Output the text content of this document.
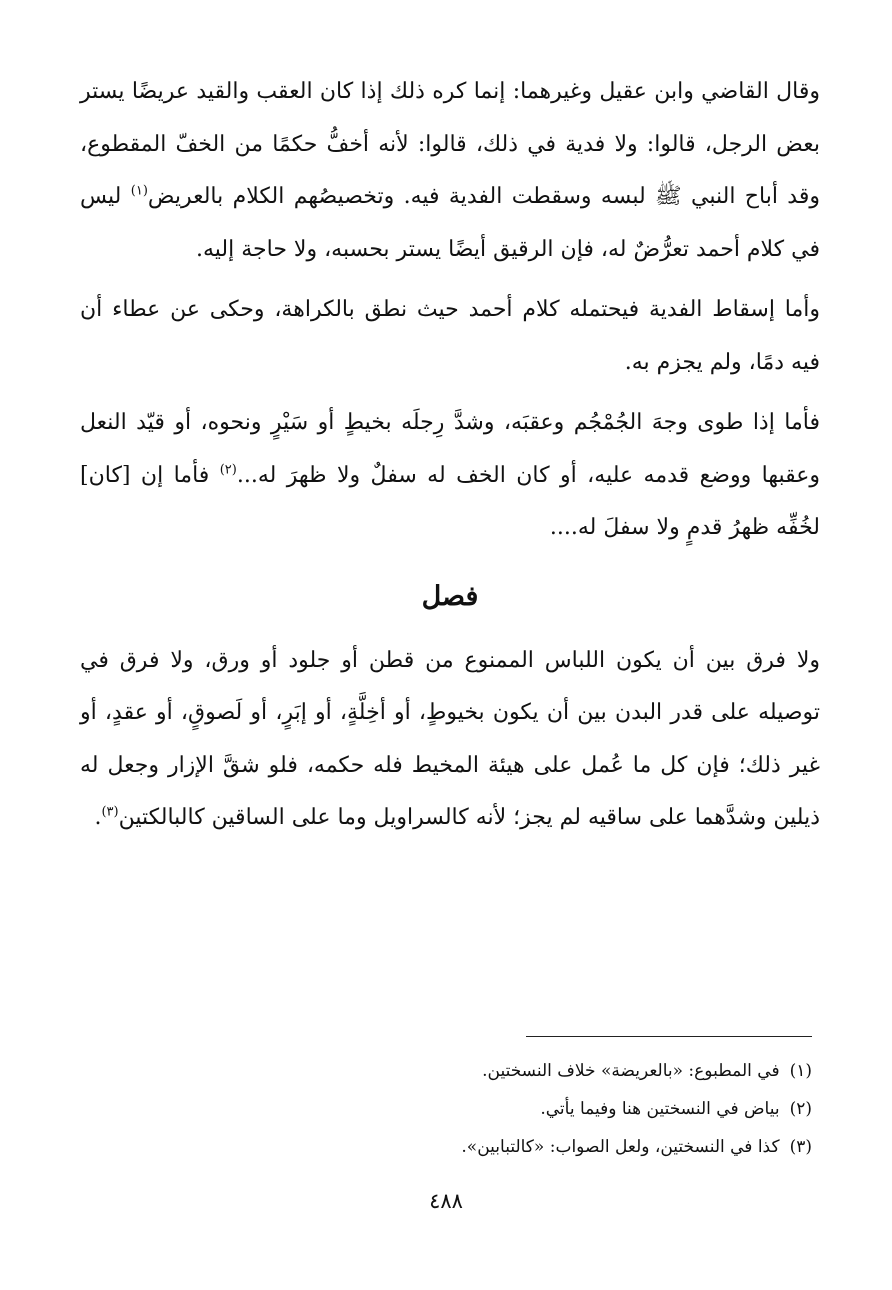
وقال القاضي وابن عقيل وغيرهما: إنما كره ذلك إذا كان العقب والقيد عريضًا يستر بعض الرجل، قالوا: ولا فدية في ذلك، قالوا: لأنه أخفُّ حكمًا من الخفّ المقطوع، وقد أباح النبي ﷺ لبسه وسقطت الفدية فيه. وتخصيصُهم الكلام بالعريض$^{(١)}$ ليس في كلام أحمد تعرُّضٌ له، فإن الرقيق أيضًا يستر بحسبه، ولا حاجة إليه.

وأما إسقاط الفدية فيحتمله كلام أحمد حيث نطق بالكراهة، وحكى عن عطاء أن فيه دمًا، ولم يجزم به.

فأما إذا طوى وجهَ الجُمْجُم وعقبَه، وشدَّ رِجلَه بخيطٍ أو سَيْرٍ ونحوه، أو قيّد النعل وعقبها ووضع قدمه عليه، أو كان الخف له سفلٌ ولا ظهرَ له...$^{(٢)}$ فأما إن [كان] لخُفِّه ظهرُ قدمٍ ولا سفلَ له....

فصل

ولا فرق بين أن يكون اللباس الممنوع من قطن أو جلود أو ورق، ولا فرق في توصيله على قدر البدن بين أن يكون بخيوطٍ، أو أخِلَّةٍ، أو إبَرٍ، أو لَصوقٍ، أو عقدٍ، أو غير ذلك؛ فإن كل ما عُمل على هيئة المخيط فله حكمه، فلو شقَّ الإزار وجعل له ذيلين وشدَّهما على ساقيه لم يجز؛ لأنه كالسراويل وما على الساقين كالبالكتين$^{(٣)}$.

(١)في المطبوع: «بالعريضة» خلاف النسختين.

(٢)بياض في النسختين هنا وفيما يأتي.

(٣)كذا في النسختين، ولعل الصواب: «كالتبابين».

٤٨٨
